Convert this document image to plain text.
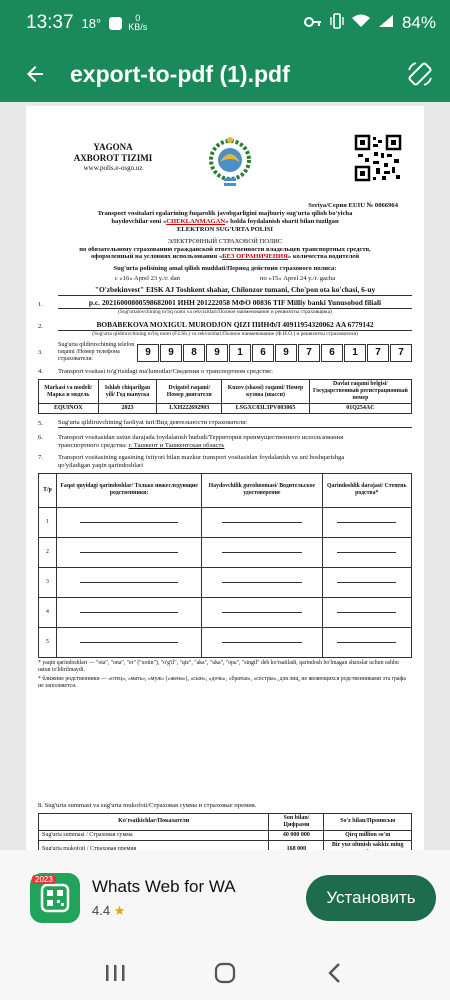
13:37 18°	0
KB/s	84%
export-to-pdf (1).pdf
YAGONA
AXBOROT TIZIMI
www.polis.e-osgo.uz
Seriya/Серия EUIU № 0066964
Transport vositalari egalarining fuqarolik javobgarligini majburiy sug'urta qilish bo'yicha
haydovchilar soni «CHEKLANMAGAN» holda foydalanish sharti bilan tuzilgan
ELEKTRON SUG'URTA POLISI
ЭЛЕКТРОННЫЙ СТРАХОВОЙ ПОЛИС
по обязательному страхованию гражданской ответственности владельцев транспортных средств,
оформленный на условиях использования «БЕЗ ОГРАНИЧЕНИЯ» количества водителей
Sug'urta polisining amal qilish muddati/Период действия страхового полиса:
c «16» Aprel 23 y./г. dan	по «15» Aprel 24 y./г. gacha
"O'zbekinvest" EISK AJ Toshkent shahar, Chilonzor tumani, Cho'pon ota ko'chasi, 6-uy
1.	p.c. 20216000800598682001 ИНН 201222058 МФО 00836 TIF Milliy banki Yunusobod filiali
(Sug'urtalovchining to'liq nomi va rekvizitlari/Полное наименование и реквизиты страховщика)
2.	BOBABEKOVA MOXIGUL MURODJON QIZI ПИНФЛ 40911954320062 AA 6779142
(Sug'urta qildiruvchining to'liq nomi (F.I.Sh.) va rekvizitlari/Полное наименование (Ф.И.О.) и реквизиты страхователя)
3.
Sug'urta qildiruvchining telefon raqami /Номер телефона страхователя:
9	9	8	9	1	6	9	7	6	1	7	7
4.	Transport vositasi to'g'risidagi ma'lumotlar/Сведения о транспортном средстве:
Markasi va modeli/ Марка и модель	Ishlab chiqarilgan yili/ Год выпуска	Dvigatel raqami/ Номер двигателя	Kuzov (shassi) raqami/ Номер кузова (шасси)	Davlat raqami belgisi/ Государственный регистрационный номер
EQUINOX	2023	LXH222692903	LSGXC83L3PV003065	01Q254AC
5.	Sug'urta qildiruvchining faoliyat turi/Вид деятельности страхователя:
6.	Transport vositasidan ustun darajada foydalanish hududi/Территория преимущественного использования
транспортного средства: г. Ташкент и Ташкентская область
7.	Transport vositasining egasining ixtiyori bilan mazkur transport vositasidan foydalanish va uni boshqarishga
qo'yiladigan yaqin qarindoshlari
T/p	Faqat quyidagi qarindoshlar/ Только нижеследующие родственники:	Haydovchilik guvohnomasi/ Водительское удостоверение	Qarindoshlik darajasi/ Степень родства*
1			
2			
3			
4			
5			
* yaqin qarindoshlari — "ota", "ona", "er" ("xotin"), "o'g'il", "qiz", "aka", "uka", "opa", "singil" deb ko'rsatiladi, qarindosh bo'lmagan shaxslar uchun ushbu ustun to'ldirilmaydi.
* ближние родственники — «отец», «мать», «муж» («жена»), «сын», «дочь», «братья», «сестры», для лиц, не являющихся родственниками эта графа не заполняется.
8. Sug'urta summasi va sug'urta mukofoti/Страховая сумма и страховые премия.
Ko'rsatkichlar/Показатели	Son bilan/Цифрами	So'z bilan/Прописью
Sug'urta summasi / Страховая сумма	40 000 000	Qirq million so'm
Sug'urta mukofoti / Страховая премия	168 000	Bir yuz oltmish sakkiz ming

2023 Whats Web for WA
4.4 ★
Установить
